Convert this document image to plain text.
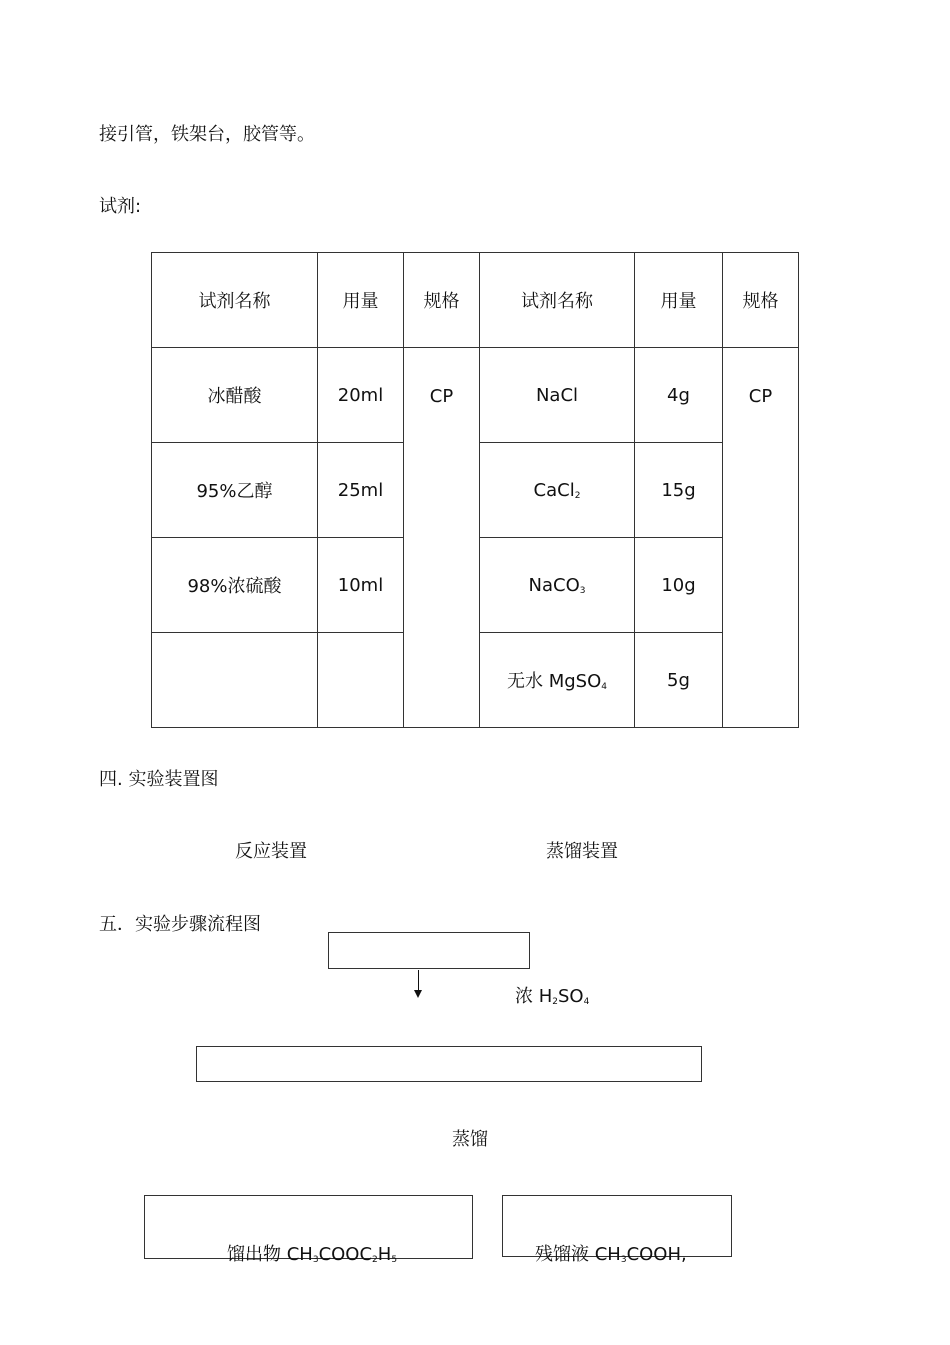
接引管，铁架台，胶管等。
试剂:
试剂名称	用量	规格	试剂名称	用量	规格
冰醋酸	20ml	CP	NaCl	4g	CP
95%乙醇	25ml		CaCl$_2$	15g	
98%浓硫酸	10ml		NaCO$_3$	10g	
			无水 MgSO$_4$	5g	
四. 实验装置图
反应装置	蒸馏装置
五．实验步骤流程图
浓 $H_2SO_4$
蒸馏
馏出物 $CH_3COOC_2H_5$	残馏液 $CH_3COOH$,
